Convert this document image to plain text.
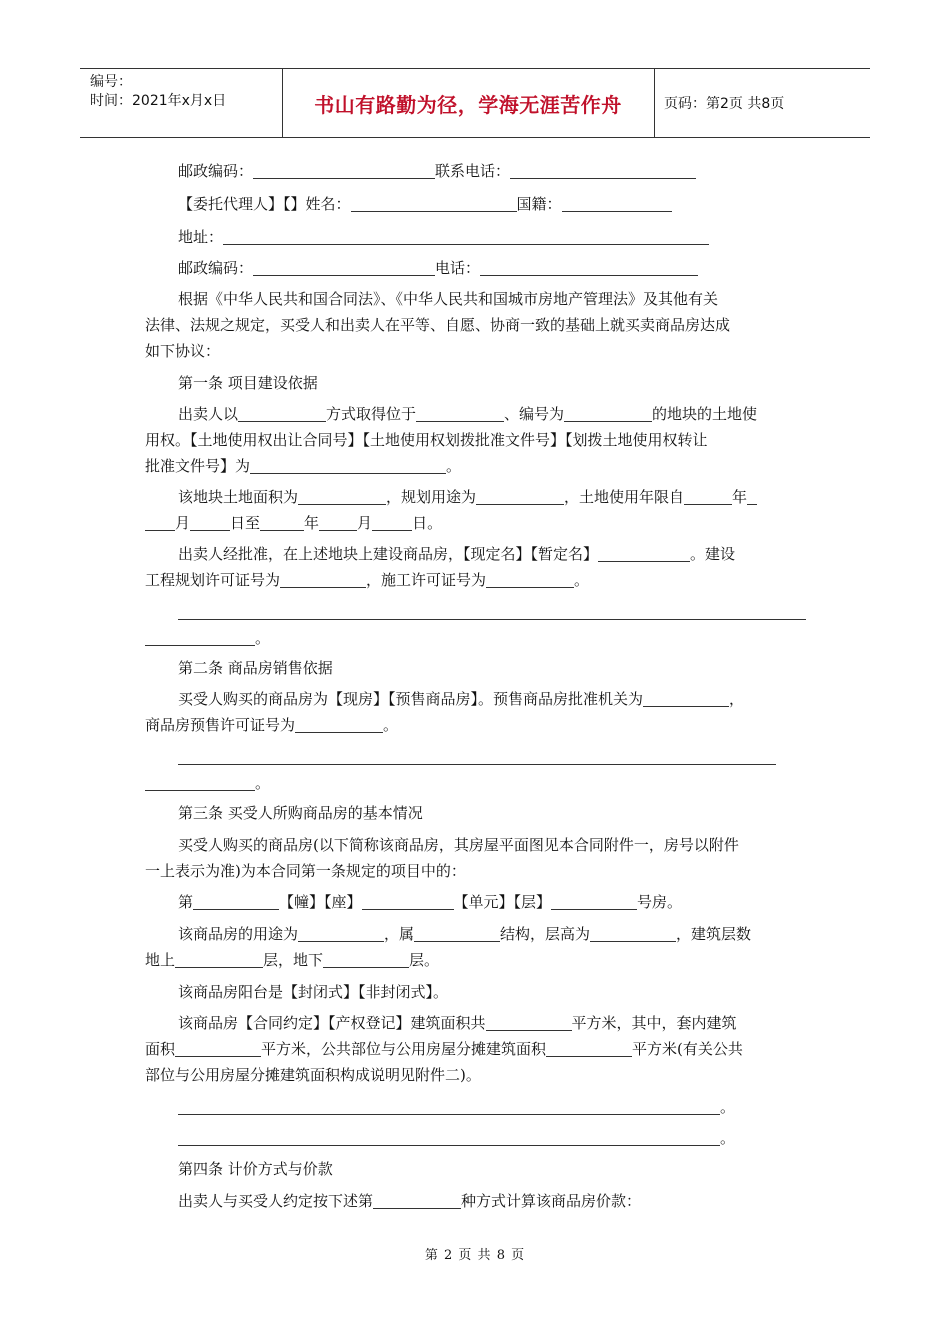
编号：
时间：2021年x月x日	书山有路勤为径，学海无涯苦作舟	页码：第2页 共8页
邮政编码：	联系电话：
【委托代理人】【】姓名：	国籍：
地址：
邮政编码：	电话：
根据《中华人民共和国合同法》、《中华人民共和国城市房地产管理法》及其他有关
法律、法规之规定，买受人和出卖人在平等、自愿、协商一致的基础上就买卖商品房达成
如下协议：
第一条 项目建设依据
出卖人以	方式取得位于	、编号为	的地块的土地使
用权。【土地使用权出让合同号】【土地使用权划拨批准文件号】【划拨土地使用权转让
批准文件号】为	。
该地块土地面积为	，规划用途为	，土地使用年限自	年
月	日至	年	月	日。
出卖人经批准，在上述地块上建设商品房，【现定名】【暂定名】	。建设
工程规划许可证号为	，施工许可证号为	。
。
第二条 商品房销售依据
买受人购买的商品房为【现房】【预售商品房】。预售商品房批准机关为	，
商品房预售许可证号为	。
。
第三条 买受人所购商品房的基本情况
买受人购买的商品房(以下简称该商品房，其房屋平面图见本合同附件一，房号以附件
一上表示为准)为本合同第一条规定的项目中的：
第	【幢】【座】	【单元】【层】	号房。
该商品房的用途为	，属	结构，层高为	，建筑层数
地上	层，地下	层。
该商品房阳台是【封闭式】【非封闭式】。
该商品房【合同约定】【产权登记】建筑面积共	平方米，其中，套内建筑
面积	平方米，公共部位与公用房屋分摊建筑面积	平方米(有关公共
部位与公用房屋分摊建筑面积构成说明见附件二)。
。
。
第四条 计价方式与价款
出卖人与买受人约定按下述第	种方式计算该商品房价款：
第 2 页 共 8 页
